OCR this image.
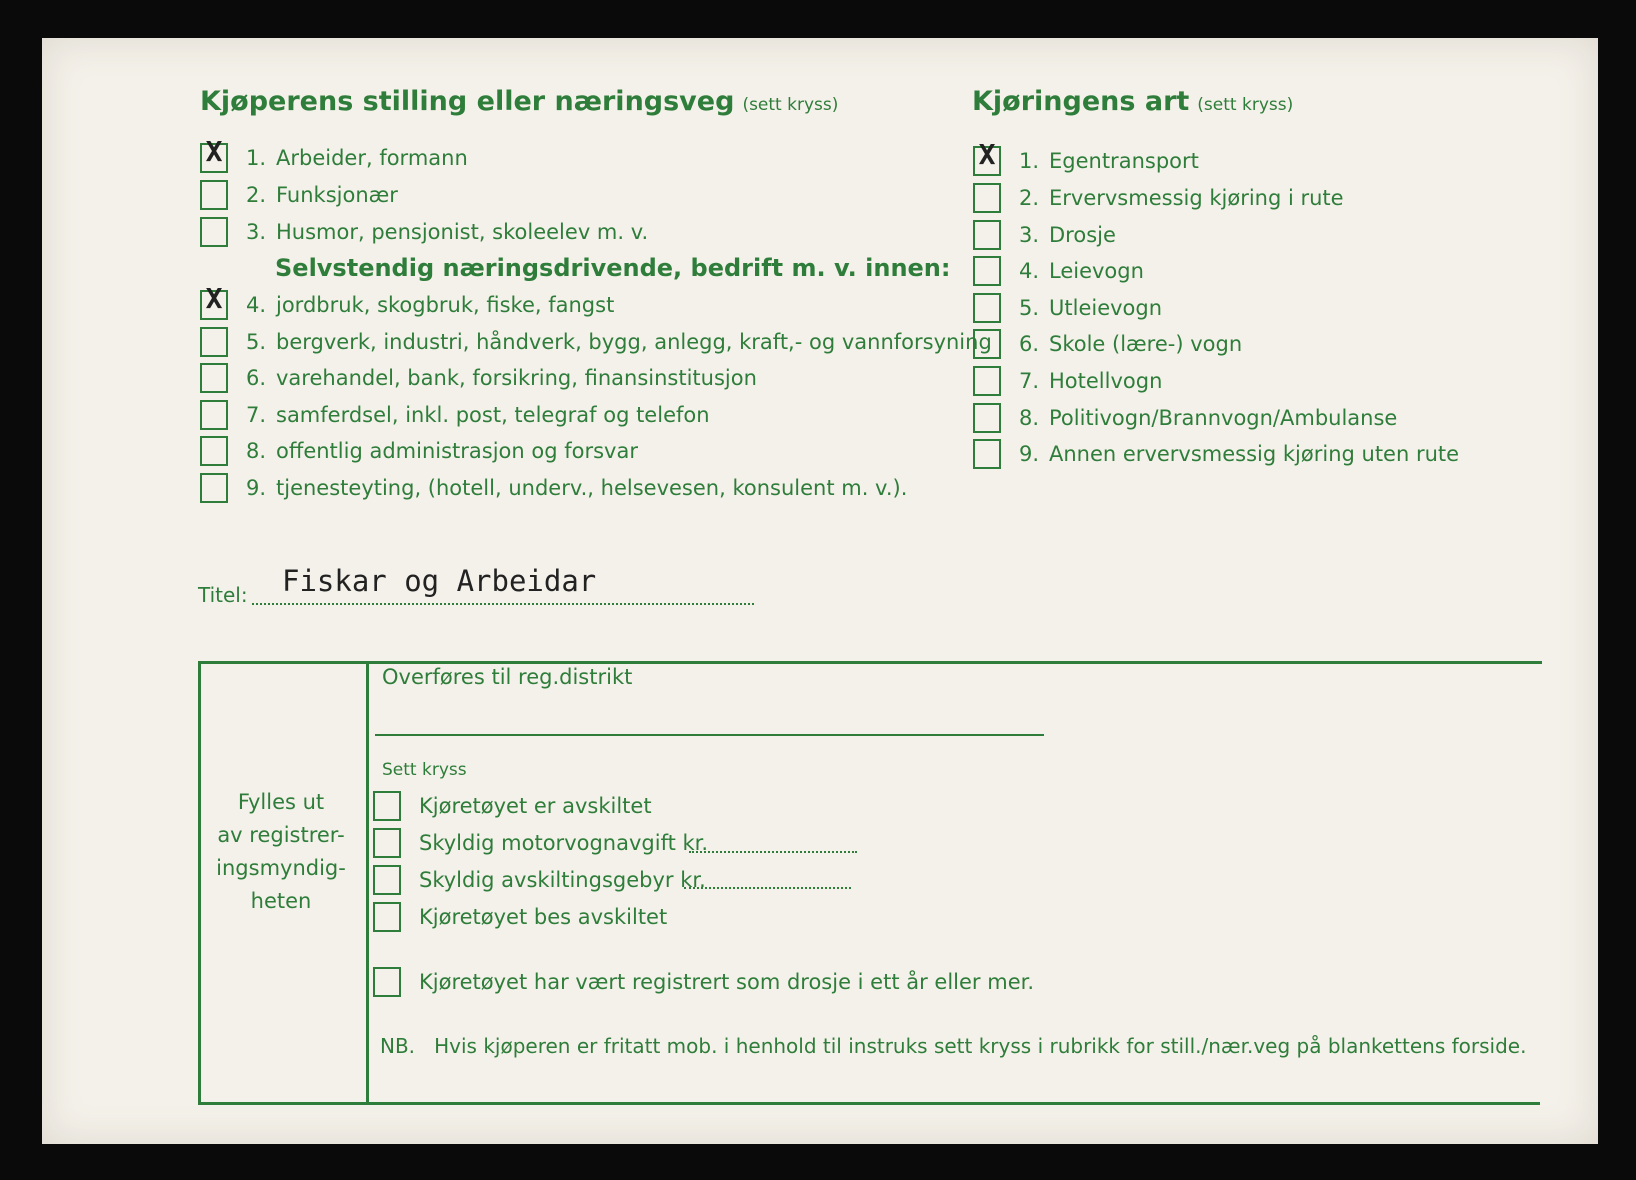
Kjøperens stilling eller næringsveg (sett kryss)
X 1. Arbeider, formann
2. Funksjonær
3. Husmor, pensjonist, skoleelev m. v.
Selvstendig næringsdrivende, bedrift m. v. innen:
X 4. jordbruk, skogbruk, fiske, fangst
5. bergverk, industri, håndverk, bygg, anlegg, kraft,- og vannforsyning
6. varehandel, bank, forsikring, finansinstitusjon
7. samferdsel, inkl. post, telegraf og telefon
8. offentlig administrasjon og forsvar
9. tjenesteyting, (hotell, underv., helsevesen, konsulent m. v.).
Kjøringens art (sett kryss)
X 1. Egentransport
2. Ervervsmessig kjøring i rute
3. Drosje
4. Leievogn
5. Utleievogn
6. Skole (lære-) vogn
7. Hotellvogn
8. Politivogn/Brannvogn/Ambulanse
9. Annen ervervsmessig kjøring uten rute
Titel: Fiskar og Arbeidar
Fylles ut
av registrer-
ingsmyndig-
heten
Overføres til reg.distrikt
Sett kryss
Kjøretøyet er avskiltet
Skyldig motorvognavgift kr.
Skyldig avskiltingsgebyr kr.
Kjøretøyet bes avskiltet
Kjøretøyet har vært registrert som drosje i ett år eller mer.
NB. Hvis kjøperen er fritatt mob. i henhold til instruks sett kryss i rubrikk for still./nær.veg på blankettens forside.
